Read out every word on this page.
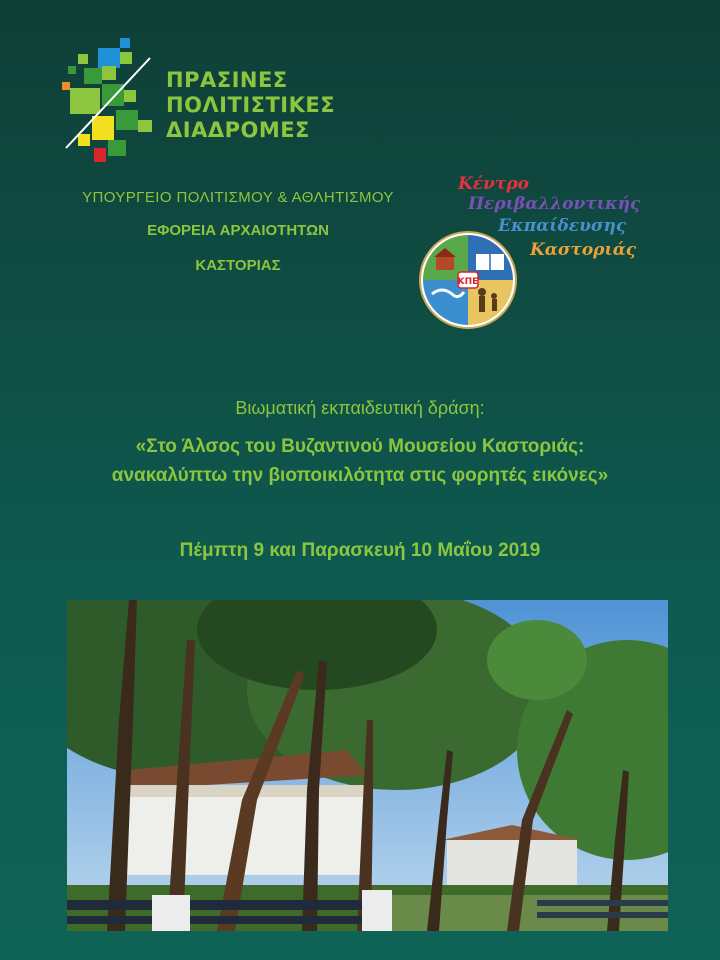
ΠΡΑΣΙΝΕΣ
ΠΟΛΙΤΙΣΤΙΚΕΣ
ΔΙΑΔΡΟΜΕΣ
ΥΠΟΥΡΓΕΙΟ ΠΟΛΙΤΙΣΜΟΥ & ΑΘΛΗΤΙΣΜΟΥ
ΕΦΟΡΕΙΑ ΑΡΧΑΙΟΤΗΤΩΝ
ΚΑΣΤΟΡΙΑΣ
ΚΠΕ
Κέντρο
Περιβαλλοντικής
Εκπαίδευσης
Καστοριάς
Βιωματική εκπαιδευτική δράση:
«Στο Άλσος του Βυζαντινού Μουσείου Καστοριάς:
ανακαλύπτω την βιοποικιλότητα στις φορητές εικόνες»
Πέμπτη 9 και Παρασκευή 10 Μαΐου 2019
